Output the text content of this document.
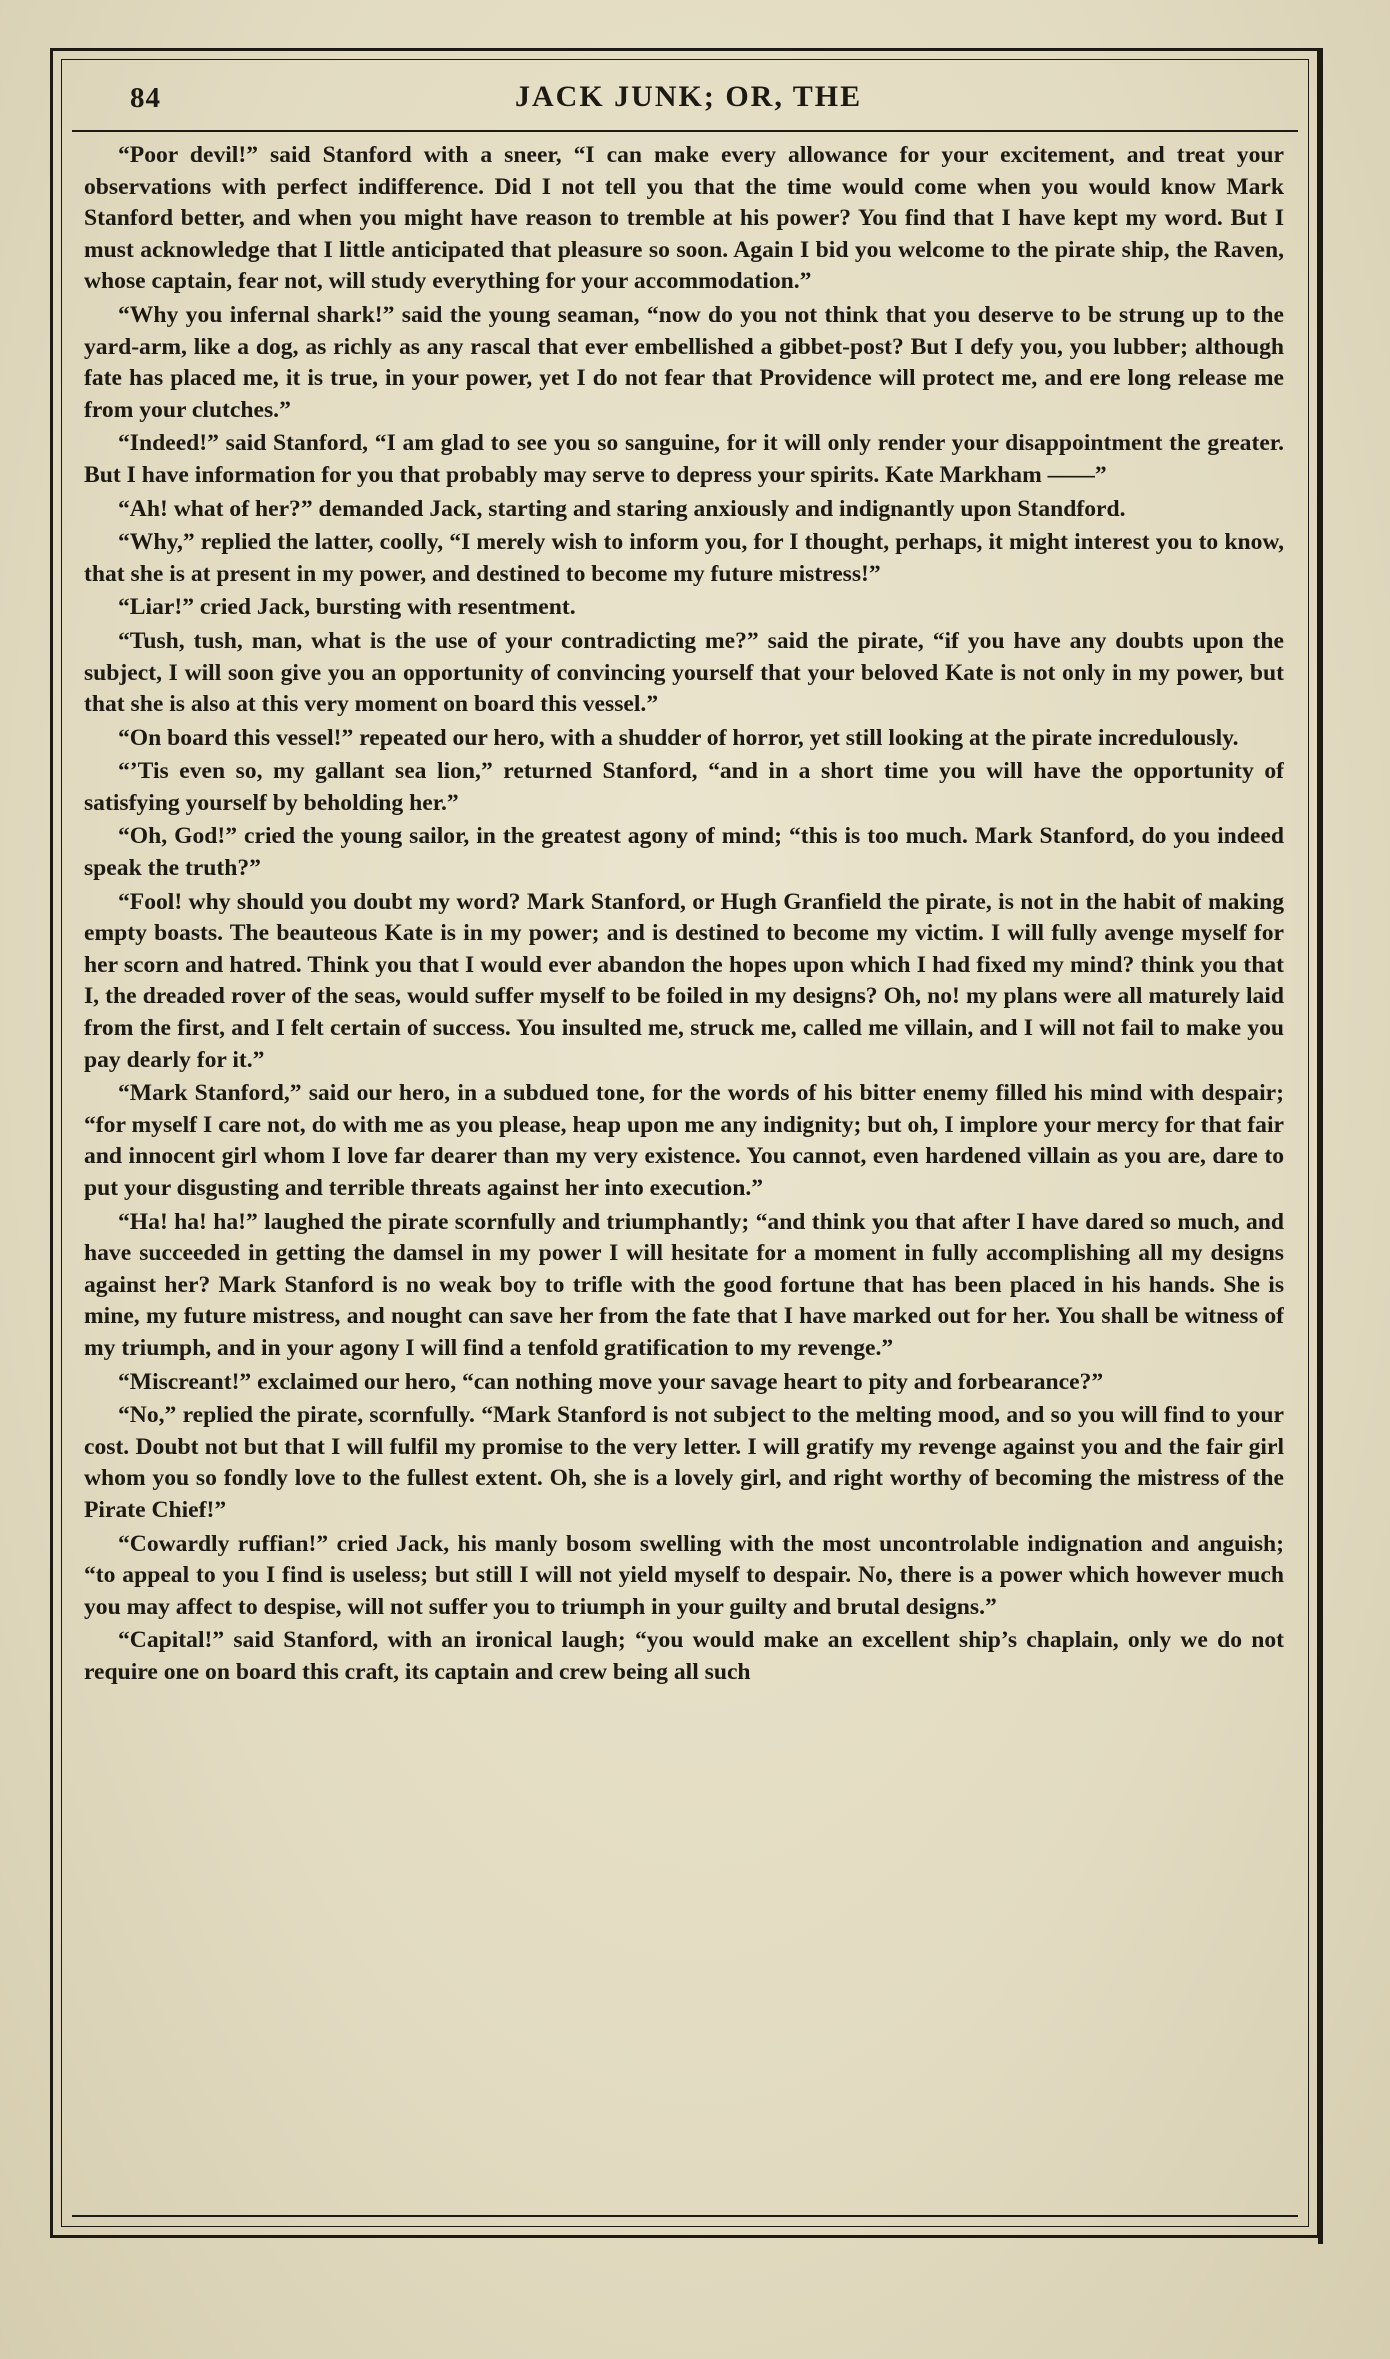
84	JACK JUNK; OR, THE

“Poor devil!” said Stanford with a sneer, “I can make every allowance for your excitement, and treat your observations with perfect indifference. Did I not tell you that the time would come when you would know Mark Stanford better, and when you might have reason to tremble at his power? You find that I have kept my word. But I must acknowledge that I little anticipated that pleasure so soon. Again I bid you welcome to the pirate ship, the Raven, whose captain, fear not, will study everything for your accommodation.”

“Why you infernal shark!” said the young seaman, “now do you not think that you deserve to be strung up to the yard-arm, like a dog, as richly as any rascal that ever embellished a gibbet-post? But I defy you, you lubber; although fate has placed me, it is true, in your power, yet I do not fear that Providence will protect me, and ere long release me from your clutches.”

“Indeed!” said Stanford, “I am glad to see you so sanguine, for it will only render your disappointment the greater. But I have information for you that probably may serve to depress your spirits. Kate Markham ——”

“Ah! what of her?” demanded Jack, starting and staring anxiously and indignantly upon Standford.

“Why,” replied the latter, coolly, “I merely wish to inform you, for I thought, perhaps, it might interest you to know, that she is at present in my power, and destined to become my future mistress!”

“Liar!” cried Jack, bursting with resentment.

“Tush, tush, man, what is the use of your contradicting me?” said the pirate, “if you have any doubts upon the subject, I will soon give you an opportunity of convincing yourself that your beloved Kate is not only in my power, but that she is also at this very moment on board this vessel.”

“On board this vessel!” repeated our hero, with a shudder of horror, yet still looking at the pirate incredulously.

“’Tis even so, my gallant sea lion,” returned Stanford, “and in a short time you will have the opportunity of satisfying yourself by beholding her.”

“Oh, God!” cried the young sailor, in the greatest agony of mind; “this is too much. Mark Stanford, do you indeed speak the truth?”

“Fool! why should you doubt my word? Mark Stanford, or Hugh Granfield the pirate, is not in the habit of making empty boasts. The beauteous Kate is in my power; and is destined to become my victim. I will fully avenge myself for her scorn and hatred. Think you that I would ever abandon the hopes upon which I had fixed my mind? think you that I, the dreaded rover of the seas, would suffer myself to be foiled in my designs? Oh, no! my plans were all maturely laid from the first, and I felt certain of success. You insulted me, struck me, called me villain, and I will not fail to make you pay dearly for it.”

“Mark Stanford,” said our hero, in a subdued tone, for the words of his bitter enemy filled his mind with despair; “for myself I care not, do with me as you please, heap upon me any indignity; but oh, I implore your mercy for that fair and innocent girl whom I love far dearer than my very existence. You cannot, even hardened villain as you are, dare to put your disgusting and terrible threats against her into execution.”

“Ha! ha! ha!” laughed the pirate scornfully and triumphantly; “and think you that after I have dared so much, and have succeeded in getting the damsel in my power I will hesitate for a moment in fully accomplishing all my designs against her? Mark Stanford is no weak boy to trifle with the good fortune that has been placed in his hands. She is mine, my future mistress, and nought can save her from the fate that I have marked out for her. You shall be witness of my triumph, and in your agony I will find a tenfold gratification to my revenge.”

“Miscreant!” exclaimed our hero, “can nothing move your savage heart to pity and forbearance?”

“No,” replied the pirate, scornfully. “Mark Stanford is not subject to the melting mood, and so you will find to your cost. Doubt not but that I will fulfil my promise to the very letter. I will gratify my revenge against you and the fair girl whom you so fondly love to the fullest extent. Oh, she is a lovely girl, and right worthy of becoming the mistress of the Pirate Chief!”

“Cowardly ruffian!” cried Jack, his manly bosom swelling with the most uncontrolable indignation and anguish; “to appeal to you I find is useless; but still I will not yield myself to despair. No, there is a power which however much you may affect to despise, will not suffer you to triumph in your guilty and brutal designs.”

“Capital!” said Stanford, with an ironical laugh; “you would make an excellent ship’s chaplain, only we do not require one on board this craft, its captain and crew being all such
